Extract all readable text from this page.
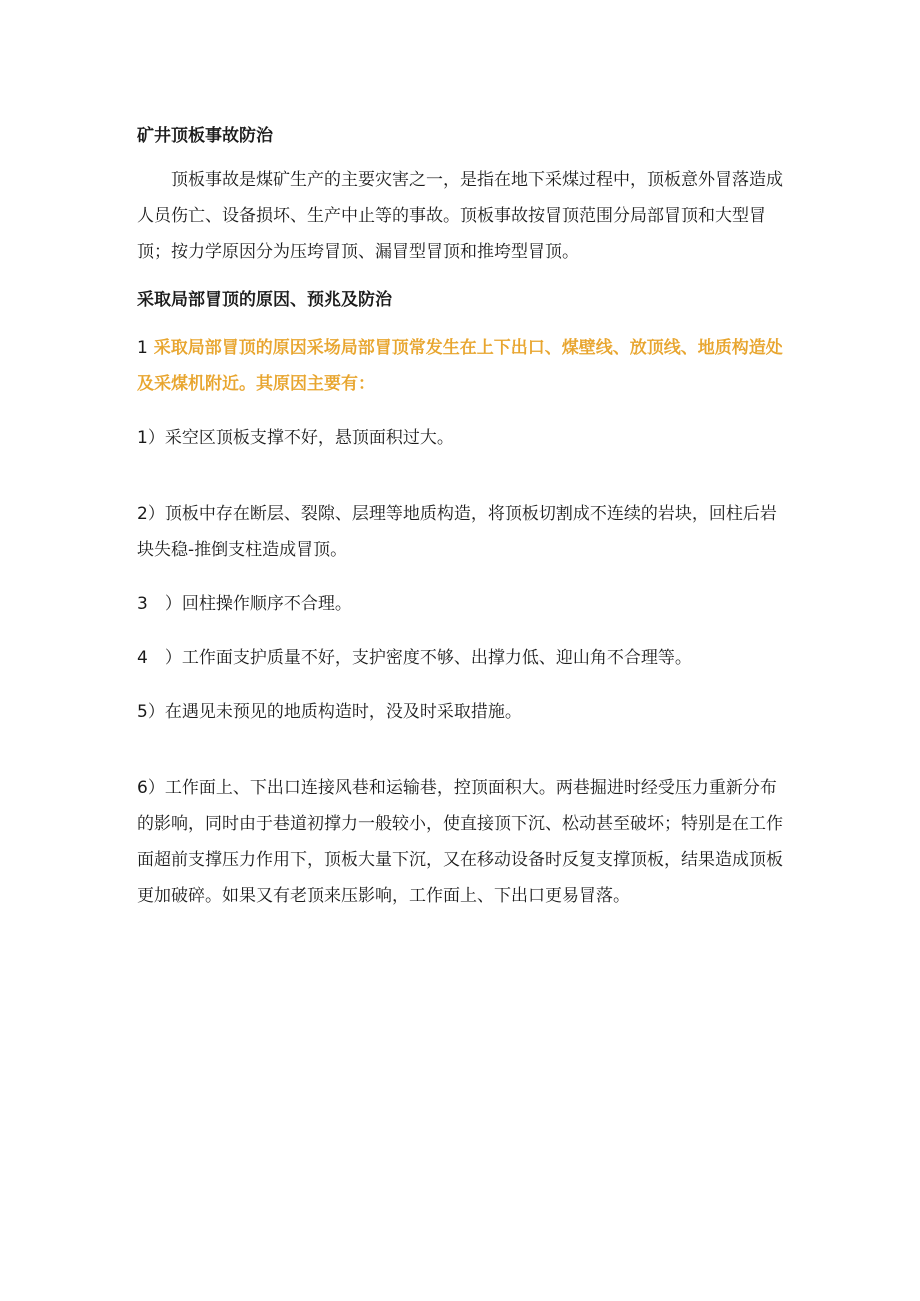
矿井顶板事故防治

顶板事故是煤矿生产的主要灾害之一，是指在地下采煤过程中，顶板意外冒落造成人员伤亡、设备损坏、生产中止等的事故。顶板事故按冒顶范围分局部冒顶和大型冒顶；按力学原因分为压垮冒顶、漏冒型冒顶和推垮型冒顶。

采取局部冒顶的原因、预兆及防治

1 采取局部冒顶的原因采场局部冒顶常发生在上下出口、煤壁线、放顶线、地质构造处及采煤机附近。其原因主要有：

1）采空区顶板支撑不好，悬顶面积过大。

2）顶板中存在断层、裂隙、层理等地质构造，将顶板切割成不连续的岩块，回柱后岩块失稳-推倒支柱造成冒顶。

3　）回柱操作顺序不合理。

4　）工作面支护质量不好，支护密度不够、出撑力低、迎山角不合理等。

5）在遇见未预见的地质构造时，没及时采取措施。

6）工作面上、下出口连接风巷和运输巷，控顶面积大。两巷掘进时经受压力重新分布的影响，同时由于巷道初撑力一般较小，使直接顶下沉、松动甚至破坏；特别是在工作面超前支撑压力作用下，顶板大量下沉，又在移动设备时反复支撑顶板，结果造成顶板更加破碎。如果又有老顶来压影响，工作面上、下出口更易冒落。
